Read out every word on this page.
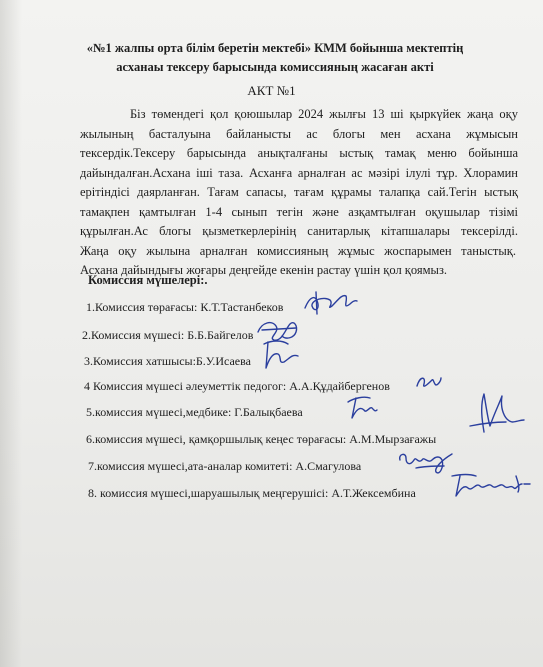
«№1 жалпы орта білім беретін мектебі» КММ бойынша мектептің
асханаы тексеру барысында комиссияның жасаған акті
АКТ №1
Біз төмендегі қол қоюшылар 2024 жылғы 13 ші қыркүйек жаңа оқу
жылының басталуына байланысты ас блогы мен асхана жұмысын
тексердік.Тексеру барысында анықталғаны ыстық тамақ меню бойынша
дайындалған.Асхана іші таза. Асханға арналған ас мәзірі ілулі тұр. Хлорамин
ерітіндісі даярланған. Тағам сапасы, тағам құрамы талапқа сай.Тегін ыстық
тамақпен қамтылған 1-4 сынып тегін және азқамтылған оқушылар тізімі
құрылған.Ас блогы қызметкерлерінің санитарлық кітапшалары тексерілді.
Жаңа оқу жылына арналған комиссияның жұмыс жоспарымен таныстық.
Асхана дайындығы жоғары деңгейде екенін растау үшін қол қоямыз.
Комиссия мүшелері:.
1.Комиссия төрағасы: К.Т.Тастанбеков
2.Комиссия мүшесі: Б.Б.Байгелов
3.Комиссия хатшысы:Б.У.Исаева
4 Комиссия мүшесі әлеуметтік педогог: А.А.Құдайбергенов
5.комиссия мүшесі,медбике: Г.Балықбаева
6.комиссия мүшесі, қамқоршылық кеңес төрағасы: А.М.Мырзағажы
7.комиссия мүшесі,ата-аналар комитеті: А.Смагулова
8. комиссия мүшесі,шаруашылық меңгерушісі: А.Т.Жексембина
